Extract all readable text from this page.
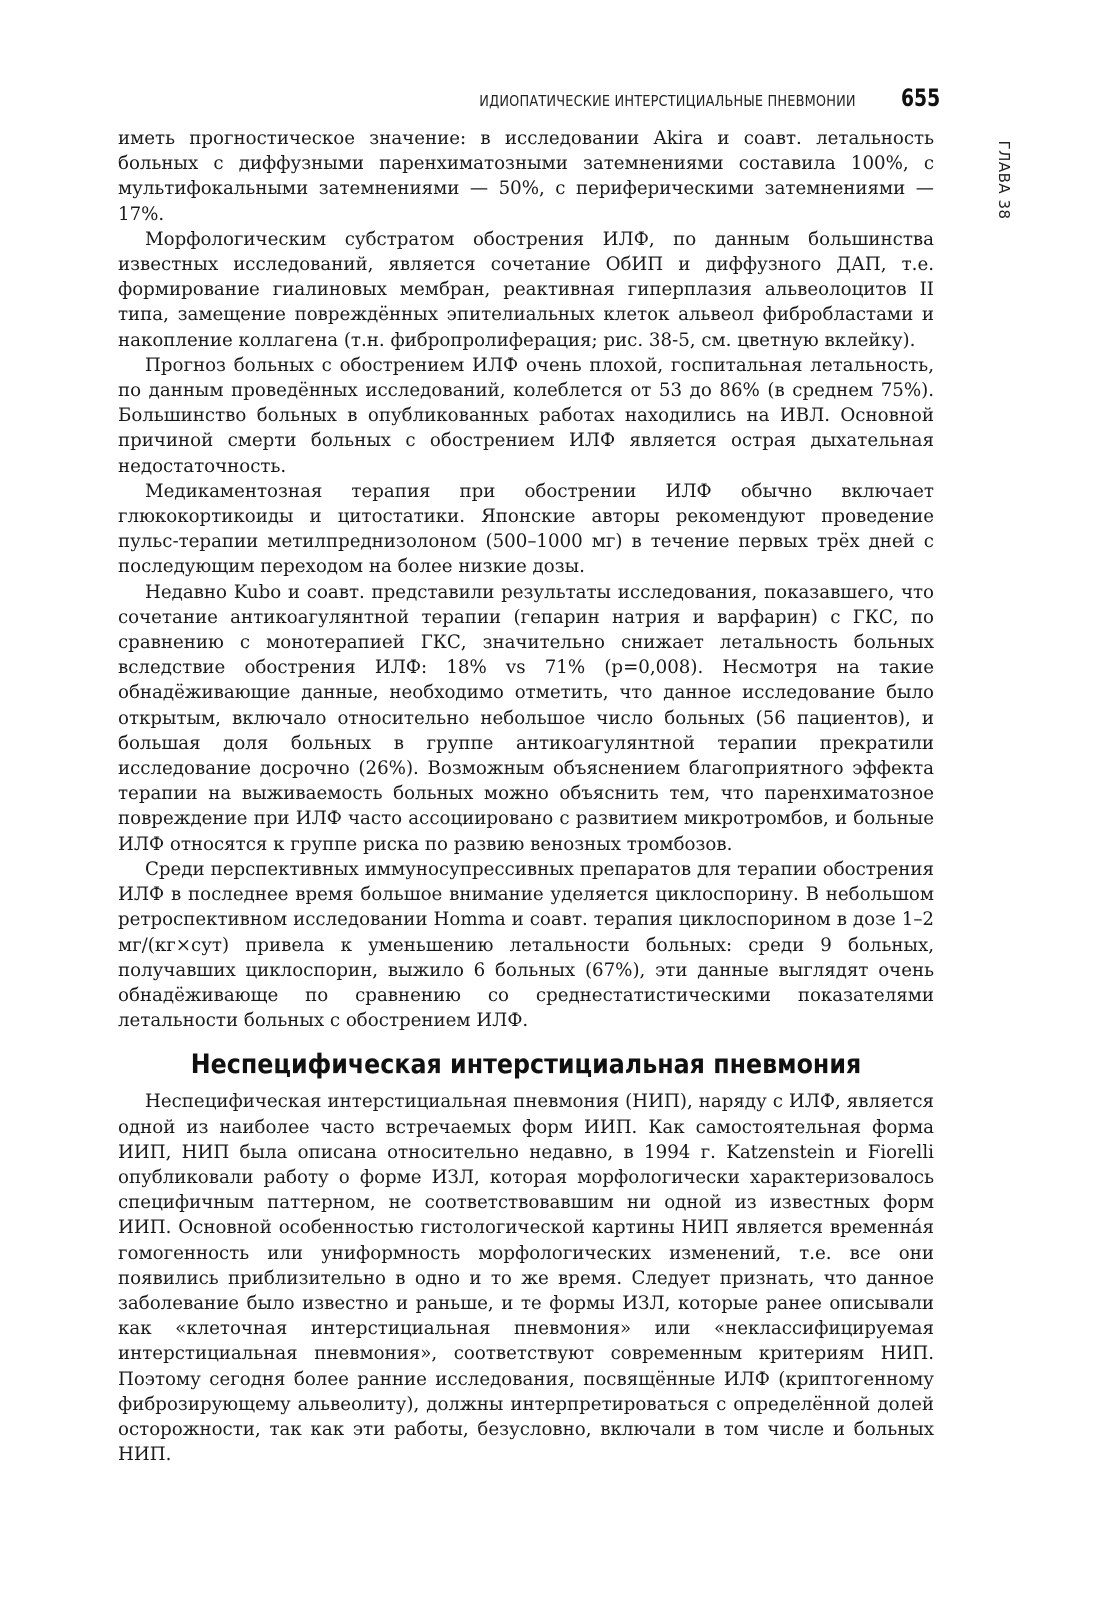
ИДИОПАТИЧЕСКИЕ ИНТЕРСТИЦИАЛЬНЫЕ ПНЕВМОНИИ 655
ГЛАВА 38

иметь прогностическое значение: в исследовании Akira и соавт. летальность больных с диффузными паренхиматозными затемнениями составила 100%, с мультифокальными затемнениями — 50%, с периферическими затемнениями — 17%.

Морфологическим субстратом обострения ИЛФ, по данным большинства известных исследований, является сочетание ОбИП и диффузного ДАП, т.е. формирование гиалиновых мембран, реактивная гиперплазия альвеолоцитов II типа, замещение повреждённых эпителиальных клеток альвеол фибробластами и накопление коллагена (т.н. фибропролиферация; рис. 38-5, см. цветную вклейку).

Прогноз больных с обострением ИЛФ очень плохой, госпитальная летальность, по данным проведённых исследований, колеблется от 53 до 86% (в среднем 75%). Большинство больных в опубликованных работах находились на ИВЛ. Основной причиной смерти больных с обострением ИЛФ является острая дыхательная недостаточность.

Медикаментозная терапия при обострении ИЛФ обычно включает глюкокортикоиды и цитостатики. Японские авторы рекомендуют проведение пульс-терапии метилпреднизолоном (500–1000 мг) в течение первых трёх дней с последующим переходом на более низкие дозы.

Недавно Kubo и соавт. представили результаты исследования, показавшего, что сочетание антикоагулянтной терапии (гепарин натрия и варфарин) с ГКС, по сравнению с монотерапией ГКС, значительно снижает летальность больных вследствие обострения ИЛФ: 18% vs 71% (p=0,008). Несмотря на такие обнадёживающие данные, необходимо отметить, что данное исследование было открытым, включало относительно небольшое число больных (56 пациентов), и большая доля больных в группе антикоагулянтной терапии прекратили исследование досрочно (26%). Возможным объяснением благоприятного эффекта терапии на выживаемость больных можно объяснить тем, что паренхиматозное повреждение при ИЛФ часто ассоциировано с развитием микротромбов, и больные ИЛФ относятся к группе риска по развию венозных тромбозов.

Среди перспективных иммуносупрессивных препаратов для терапии обострения ИЛФ в последнее время большое внимание уделяется циклоспорину. В небольшом ретроспективном исследовании Homma и соавт. терапия циклоспорином в дозе 1–2 мг/(кг×сут) привела к уменьшению летальности больных: среди 9 больных, получавших циклоспорин, выжило 6 больных (67%), эти данные выглядят очень обнадёживающе по сравнению со среднестатистическими показателями летальности больных с обострением ИЛФ.

Неспецифическая интерстициальная пневмония

Неспецифическая интерстициальная пневмония (НИП), наряду с ИЛФ, является одной из наиболее часто встречаемых форм ИИП. Как самостоятельная форма ИИП, НИП была описана относительно недавно, в 1994 г. Katzenstein и Fiorelli опубликовали работу о форме ИЗЛ, которая морфологически характеризовалось специфичным паттерном, не соответствовавшим ни одной из известных форм ИИП. Основной особенностью гистологической картины НИП является временна́я гомогенность или униформность морфологических изменений, т.е. все они появились приблизительно в одно и то же время. Следует признать, что данное заболевание было известно и раньше, и те формы ИЗЛ, которые ранее описывали как «клеточная интерстициальная пневмония» или «неклассифицируемая интерстициальная пневмония», соответствуют современным критериям НИП. Поэтому сегодня более ранние исследования, посвящённые ИЛФ (криптогенному фиброзирующему альвеолиту), должны интерпретироваться с определённой долей осторожности, так как эти работы, безусловно, включали в том числе и больных НИП.
